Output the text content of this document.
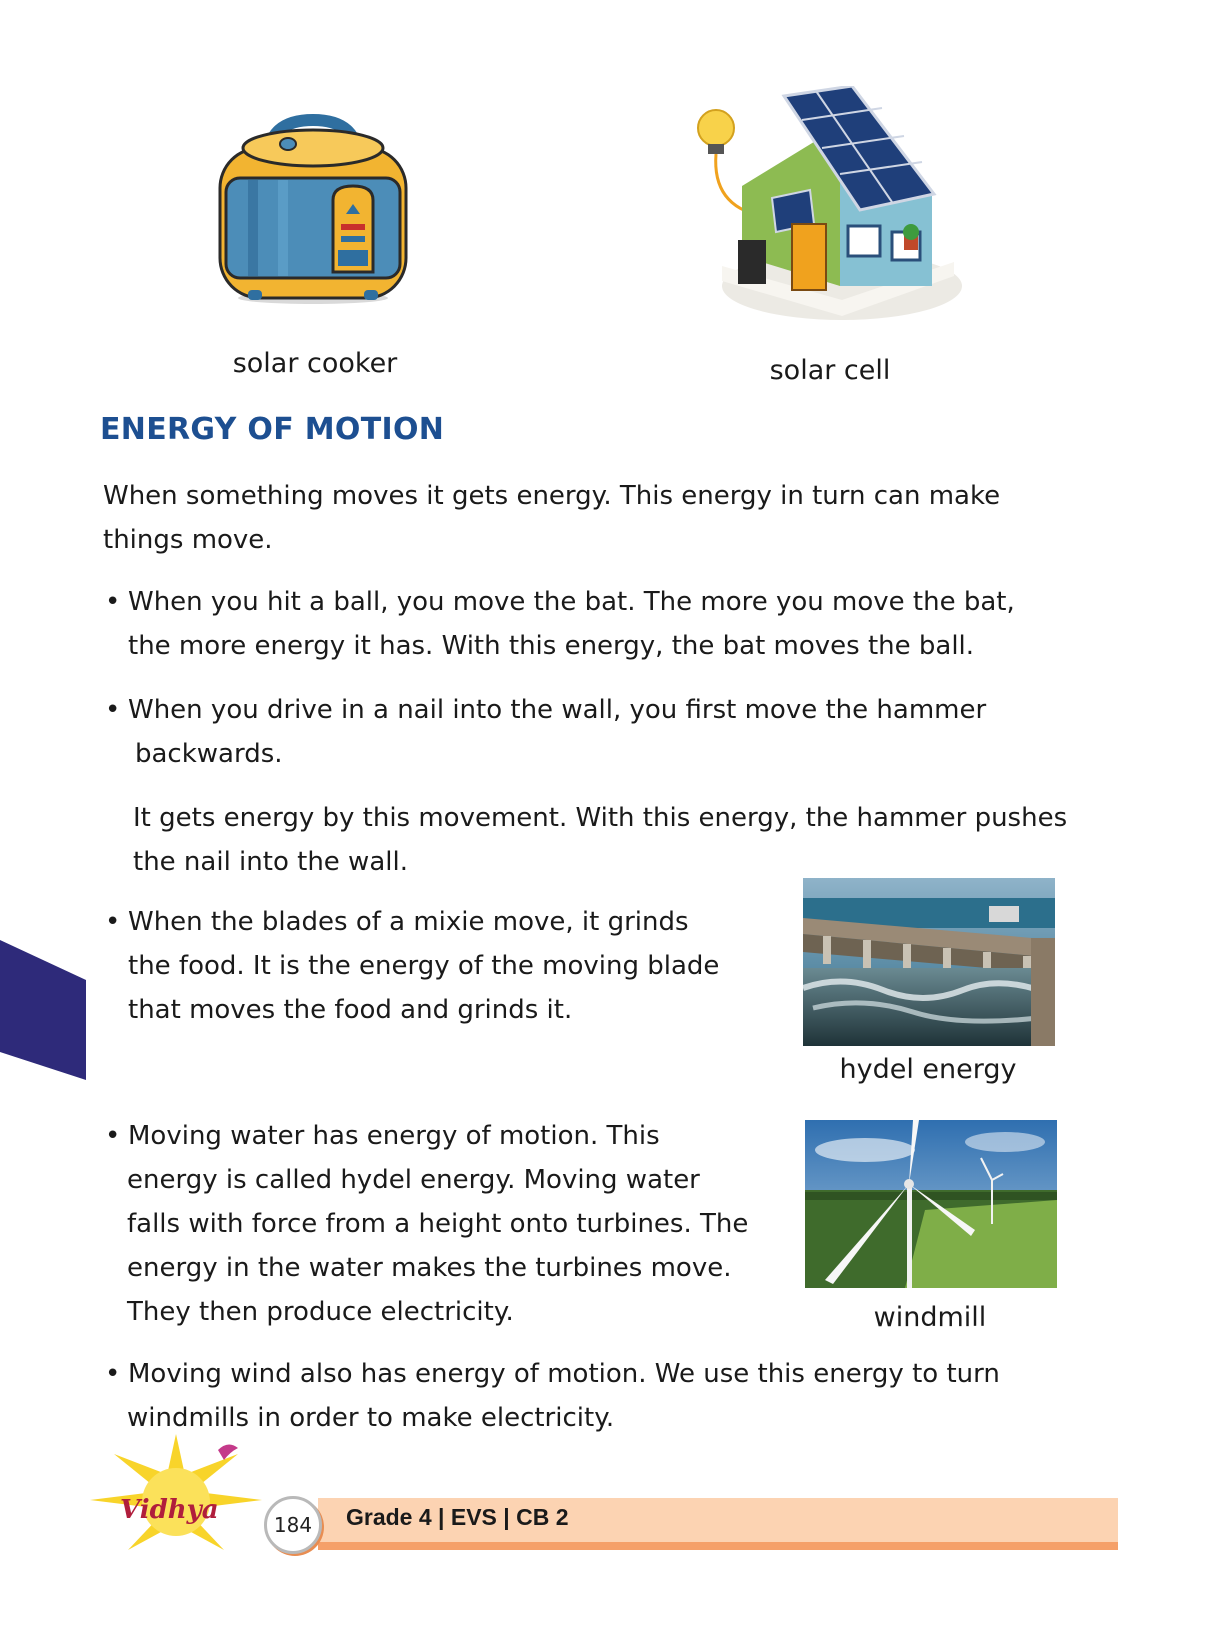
solar cooker	solar cell
ENERGY OF MOTION
When something moves it gets energy. This energy in turn can make
things move.
• When you hit a ball, you move the bat. The more you move the bat,
the more energy it has. With this energy, the bat moves the ball.
• When you drive in a nail into the wall, you first move the hammer
backwards.
It gets energy by this movement. With this energy, the hammer pushes
the nail into the wall.
• When the blades of a mixie move, it grinds
the food. It is the energy of the moving blade
that moves the food and grinds it.
hydel energy
• Moving water has energy of motion. This
energy is called hydel energy. Moving water
falls with force from a height onto turbines. The
energy in the water makes the turbines move.
They then produce electricity.	windmill
• Moving wind also has energy of motion. We use this energy to turn
windmills in order to make electricity.
184	Grade 4 | EVS | CB 2
Vidhya
